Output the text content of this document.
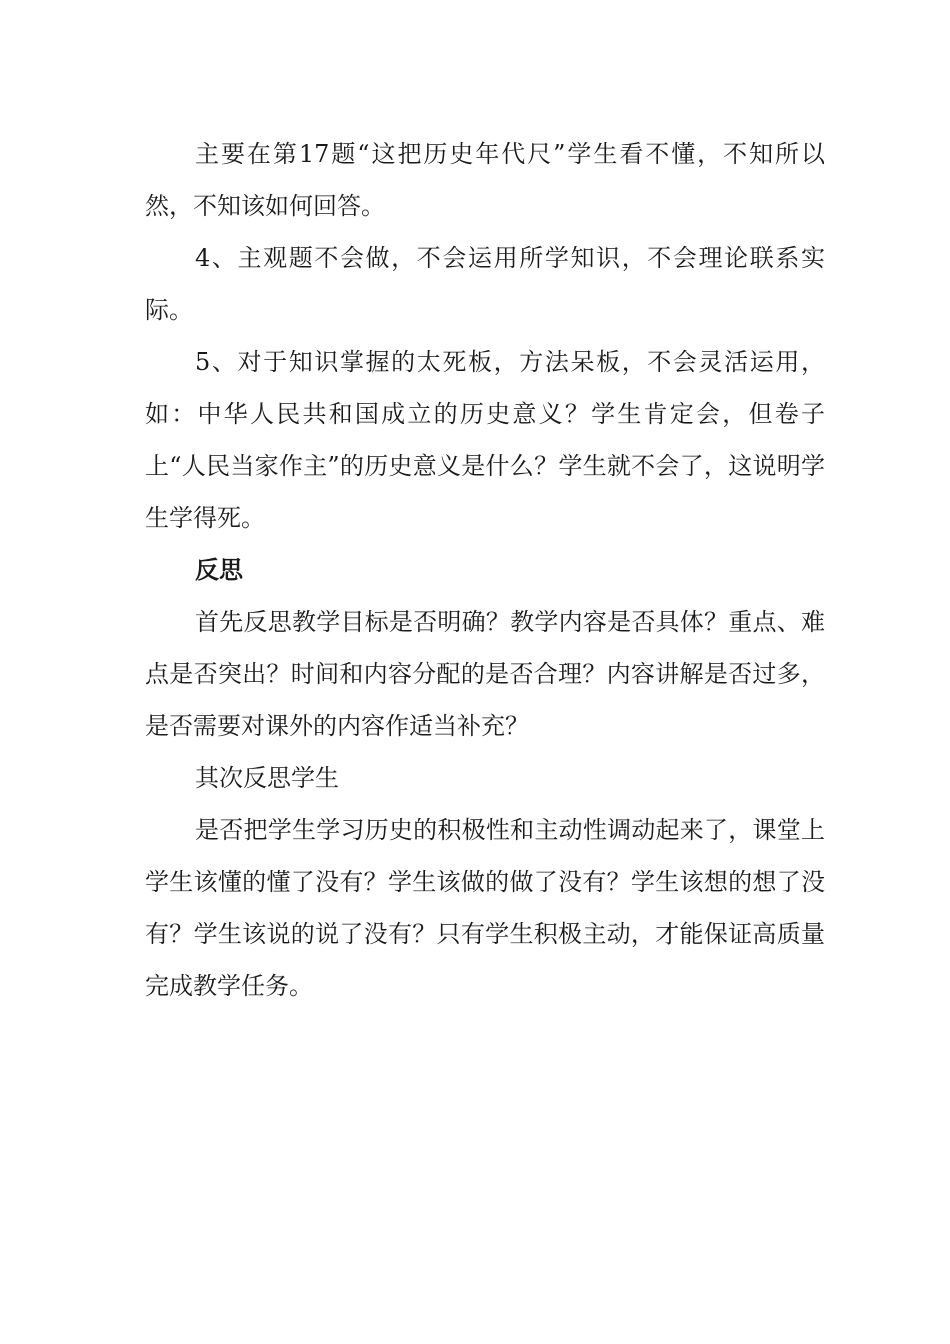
主要在第17题“这把历史年代尺”学生看不懂，不知所以然，不知该如何回答。

4、主观题不会做，不会运用所学知识，不会理论联系实际。

5、对于知识掌握的太死板，方法呆板，不会灵活运用，如：中华人民共和国成立的历史意义？学生肯定会，但卷子上“人民当家作主”的历史意义是什么？学生就不会了，这说明学生学得死。

反思

首先反思教学目标是否明确？教学内容是否具体？重点、难点是否突出？时间和内容分配的是否合理？内容讲解是否过多，是否需要对课外的内容作适当补充？

其次反思学生

是否把学生学习历史的积极性和主动性调动起来了，课堂上学生该懂的懂了没有？学生该做的做了没有？学生该想的想了没有？学生该说的说了没有？只有学生积极主动，才能保证高质量完成教学任务。
